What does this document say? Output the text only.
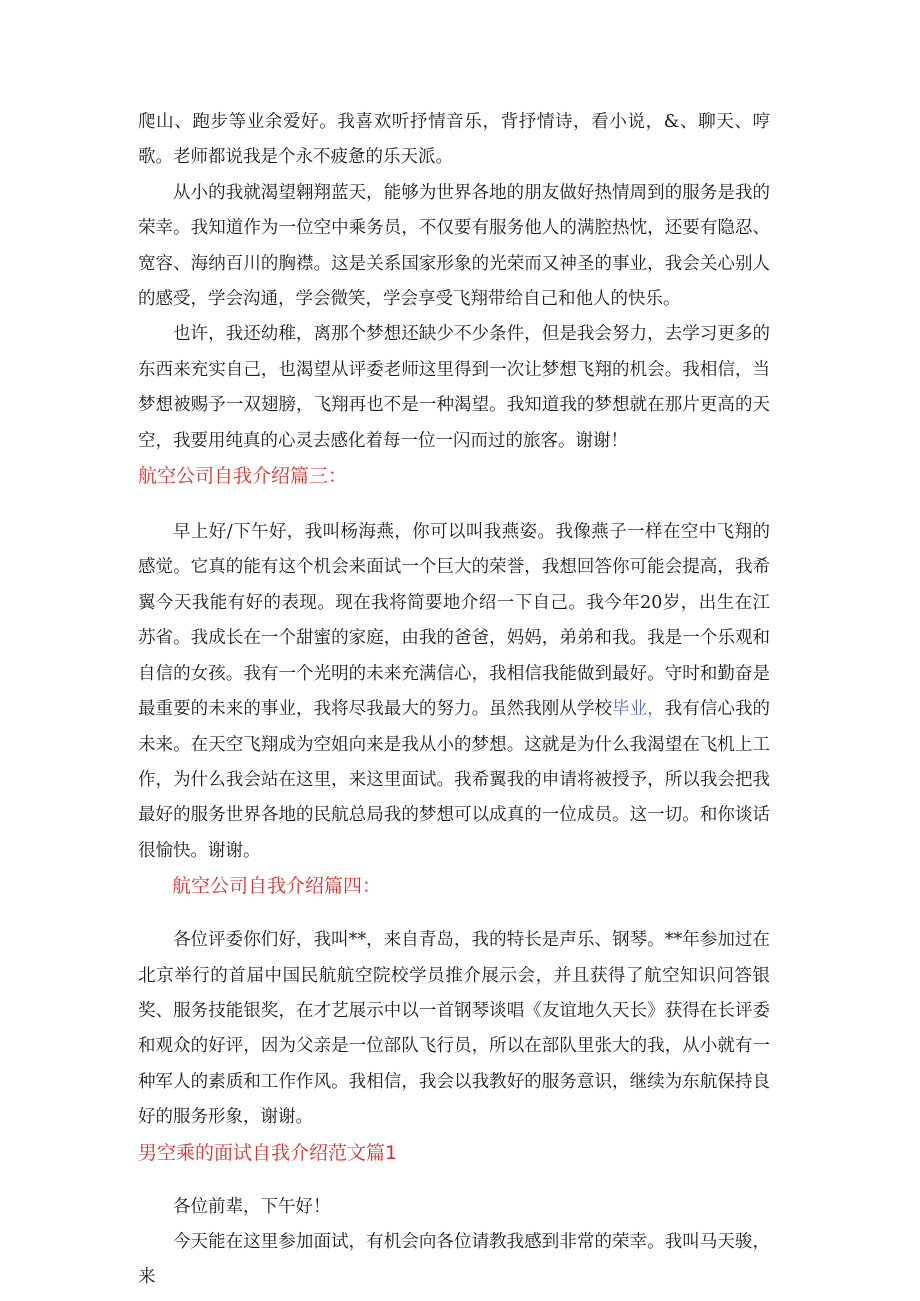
爬山、跑步等业余爱好。我喜欢听抒情音乐，背抒情诗，看小说，&、聊天、哼歌。老师都说我是个永不疲惫的乐天派。

从小的我就渴望翱翔蓝天，能够为世界各地的朋友做好热情周到的服务是我的荣幸。我知道作为一位空中乘务员，不仅要有服务他人的满腔热忱，还要有隐忍、宽容、海纳百川的胸襟。这是关系国家形象的光荣而又神圣的事业，我会关心别人的感受，学会沟通，学会微笑，学会享受飞翔带给自己和他人的快乐。

也许，我还幼稚，离那个梦想还缺少不少条件，但是我会努力，去学习更多的东西来充实自己，也渴望从评委老师这里得到一次让梦想飞翔的机会。我相信，当梦想被赐予一双翅膀，飞翔再也不是一种渴望。我知道我的梦想就在那片更高的天空，我要用纯真的心灵去感化着每一位一闪而过的旅客。谢谢！

航空公司自我介绍篇三：

早上好/下午好，我叫杨海燕，你可以叫我燕姿。我像燕子一样在空中飞翔的感觉。它真的能有这个机会来面试一个巨大的荣誉，我想回答你可能会提高，我希翼今天我能有好的表现。现在我将简要地介绍一下自己。我今年20岁，出生在江苏省。我成长在一个甜蜜的家庭，由我的爸爸，妈妈，弟弟和我。我是一个乐观和自信的女孩。我有一个光明的未来充满信心，我相信我能做到最好。守时和勤奋是最重要的未来的事业，我将尽我最大的努力。虽然我刚从学校毕业，我有信心我的未来。在天空飞翔成为空姐向来是我从小的梦想。这就是为什么我渴望在飞机上工作，为什么我会站在这里，来这里面试。我希翼我的申请将被授予，所以我会把我最好的服务世界各地的民航总局我的梦想可以成真的一位成员。这一切。和你谈话很愉快。谢谢。

航空公司自我介绍篇四：

各位评委你们好，我叫**，来自青岛，我的特长是声乐、钢琴。**年参加过在北京举行的首届中国民航航空院校学员推介展示会，并且获得了航空知识问答银奖、服务技能银奖，在才艺展示中以一首钢琴谈唱《友谊地久天长》获得在长评委和观众的好评，因为父亲是一位部队飞行员，所以在部队里张大的我，从小就有一种军人的素质和工作作风。我相信，我会以我教好的服务意识，继续为东航保持良好的服务形象，谢谢。

男空乘的面试自我介绍范文篇1

各位前辈，下午好！

今天能在这里参加面试，有机会向各位请教我感到非常的荣幸。我叫马天骏，来
